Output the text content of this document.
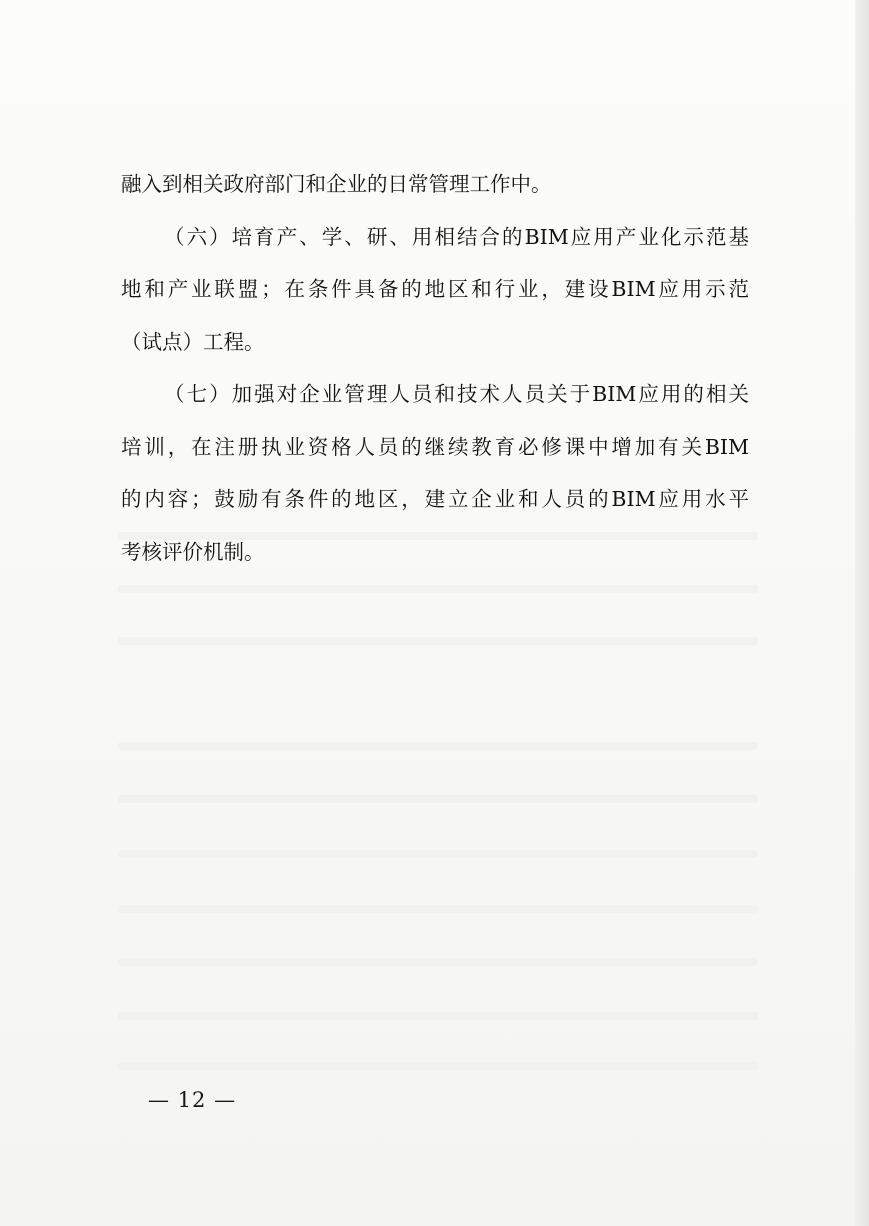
融入到相关政府部门和企业的日常管理工作中。

（六）培育产、学、研、用相结合的BIM应用产业化示范基

地和产业联盟；在条件具备的地区和行业，建设BIM应用示范

（试点）工程。

（七）加强对企业管理人员和技术人员关于BIM应用的相关

培训，在注册执业资格人员的继续教育必修课中增加有关BIM

的内容；鼓励有条件的地区，建立企业和人员的BIM应用水平

考核评价机制。

— 12 —
